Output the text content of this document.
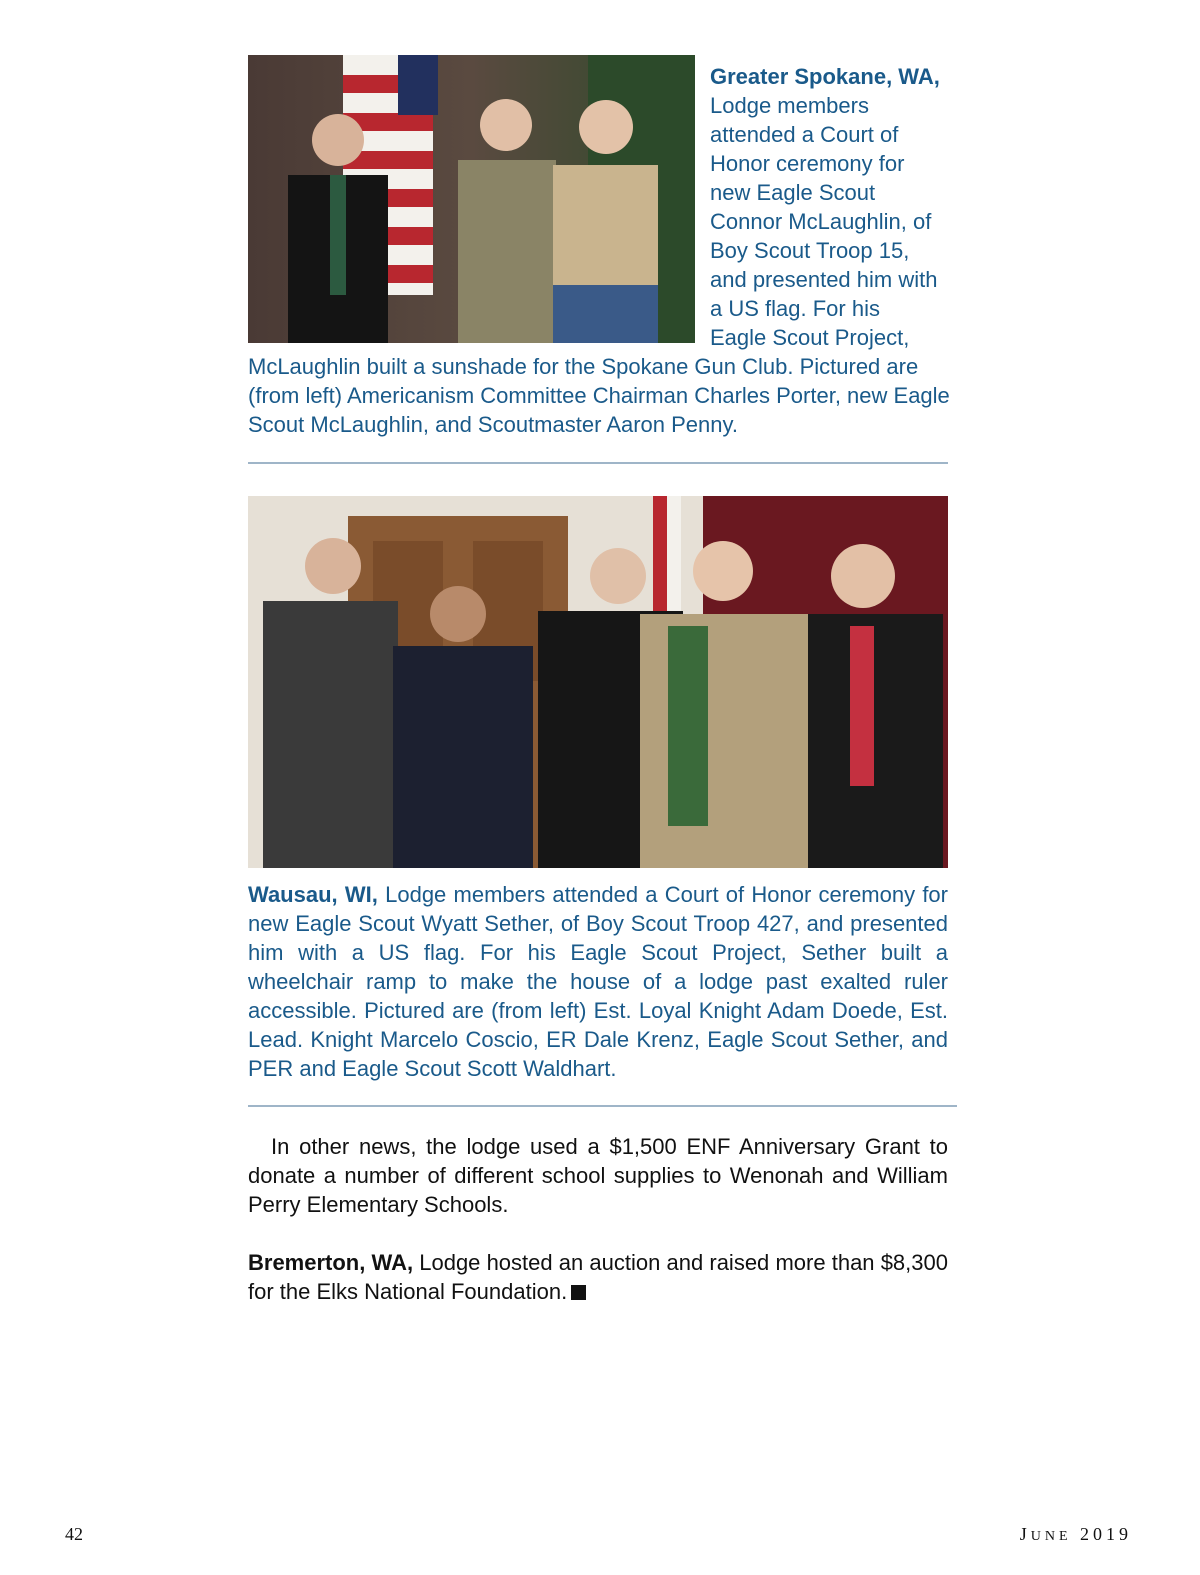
Greater Spokane, WA, Lodge members
attended a Court of
Honor ceremony for
new Eagle Scout
Connor McLaughlin, of
Boy Scout Troop 15,
and presented him with
a US flag. For his
Eagle Scout Project,

McLaughlin built a sunshade for the Spokane Gun Club. Pictured are (from left) Americanism Committee Chairman Charles Porter, new Eagle Scout McLaughlin, and Scoutmaster Aaron Penny.

Wausau, WI, Lodge members attended a Court of Honor ceremony for new Eagle Scout Wyatt Sether, of Boy Scout Troop 427, and presented him with a US flag. For his Eagle Scout Project, Sether built a wheelchair ramp to make the house of a lodge past exalted ruler accessible. Pictured are (from left) Est. Loyal Knight Adam Doede, Est. Lead. Knight Marcelo Coscio, ER Dale Krenz, Eagle Scout Sether, and PER and Eagle Scout Scott Waldhart.

In other news, the lodge used a $1,500 ENF Anniversary Grant to donate a number of different school supplies to Wenonah and William Perry Elementary Schools.

Bremerton, WA, Lodge hosted an auction and raised more than $8,300 for the Elks National Foundation.

42	JUNE 2019
